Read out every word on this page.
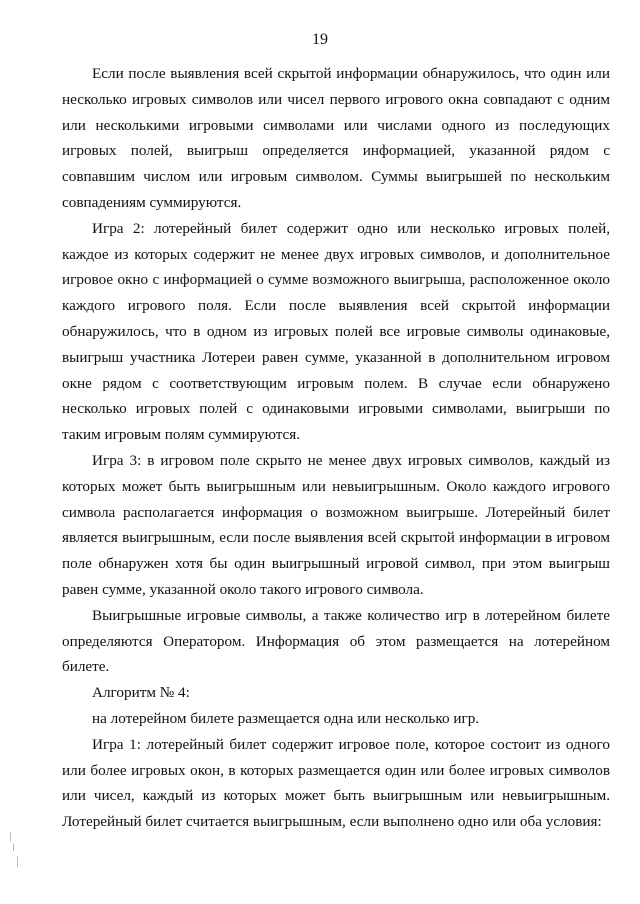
19

Если после выявления всей скрытой информации обнаружилось, что один или несколько игровых символов или чисел первого игрового окна совпадают с одним или несколькими игровыми символами или числами одного из последующих игровых полей, выигрыш определяется информацией, указанной рядом с совпавшим числом или игровым символом. Суммы выигрышей по нескольким совпадениям суммируются.

Игра 2: лотерейный билет содержит одно или несколько игровых полей, каждое из которых содержит не менее двух игровых символов, и дополнительное игровое окно с информацией о сумме возможного выигрыша, расположенное около каждого игрового поля. Если после выявления всей скрытой информации обнаружилось, что в одном из игровых полей все игровые символы одинаковые, выигрыш участника Лотереи равен сумме, указанной в дополнительном игровом окне рядом с соответствующим игровым полем. В случае если обнаружено несколько игровых полей с одинаковыми игровыми символами, выигрыши по таким игровым полям суммируются.

Игра 3: в игровом поле скрыто не менее двух игровых символов, каждый из которых может быть выигрышным или невыигрышным. Около каждого игрового символа располагается информация о возможном выигрыше. Лотерейный билет является выигрышным, если после выявления всей скрытой информации в игровом поле обнаружен хотя бы один выигрышный игровой символ, при этом выигрыш равен сумме, указанной около такого игрового символа.

Выигрышные игровые символы, а также количество игр в лотерейном билете определяются Оператором. Информация об этом размещается на лотерейном билете.

Алгоритм № 4:

на лотерейном билете размещается одна или несколько игр.

Игра 1: лотерейный билет содержит игровое поле, которое состоит из одного или более игровых окон, в которых размещается один или более игровых символов или чисел, каждый из которых может быть выигрышным или невыигрышным. Лотерейный билет считается выигрышным, если выполнено одно или оба условия:
